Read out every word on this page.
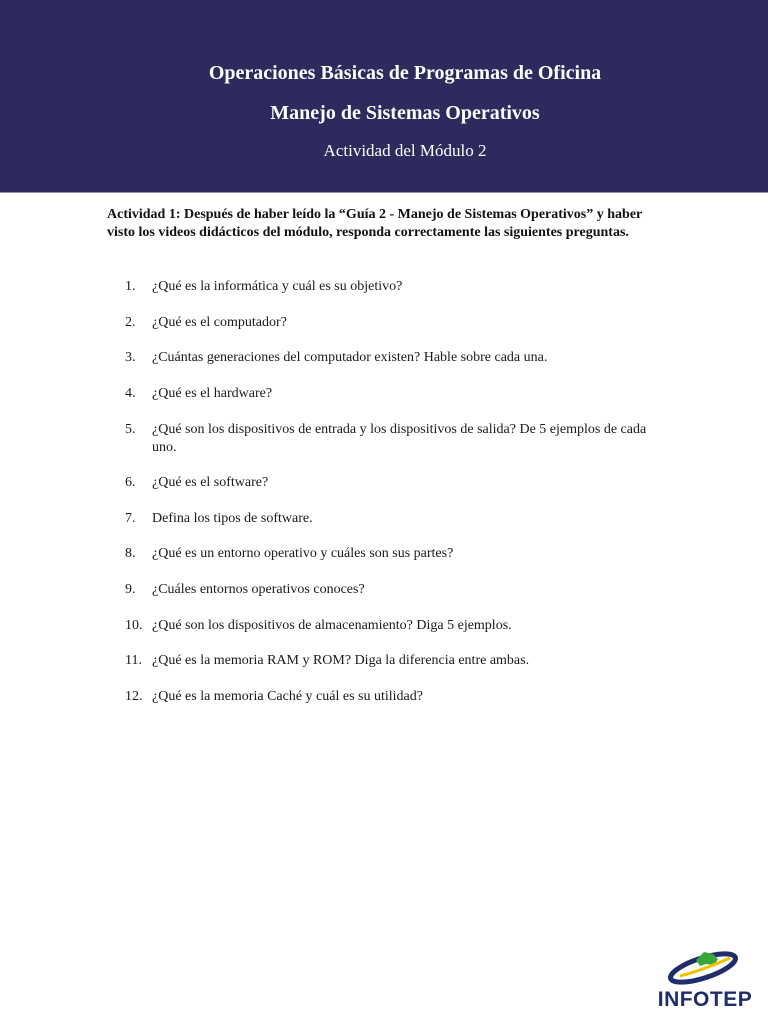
Operaciones Básicas de Programas de Oficina
Manejo de Sistemas Operativos
Actividad del Módulo 2
Actividad 1: Después de haber leído la “Guía 2 - Manejo de Sistemas Operativos” y haber visto los videos didácticos del módulo, responda correctamente las siguientes preguntas.
1.	¿Qué es la informática y cuál es su objetivo?
2.	¿Qué es el computador?
3.	¿Cuántas generaciones del computador existen? Hable sobre cada una.
4.	¿Qué es el hardware?
5.	¿Qué son los dispositivos de entrada y los dispositivos de salida? De 5 ejemplos de cada uno.
6.	¿Qué es el software?
7.	Defina los tipos de software.
8.	¿Qué es un entorno operativo y cuáles son sus partes?
9.	¿Cuáles entornos operativos conoces?
10. ¿Qué son los dispositivos de almacenamiento? Diga 5 ejemplos.
11. ¿Qué es la memoria RAM y ROM? Diga la diferencia entre ambas.
12. ¿Qué es la memoria Caché y cuál es su utilidad?
INFOTEP
